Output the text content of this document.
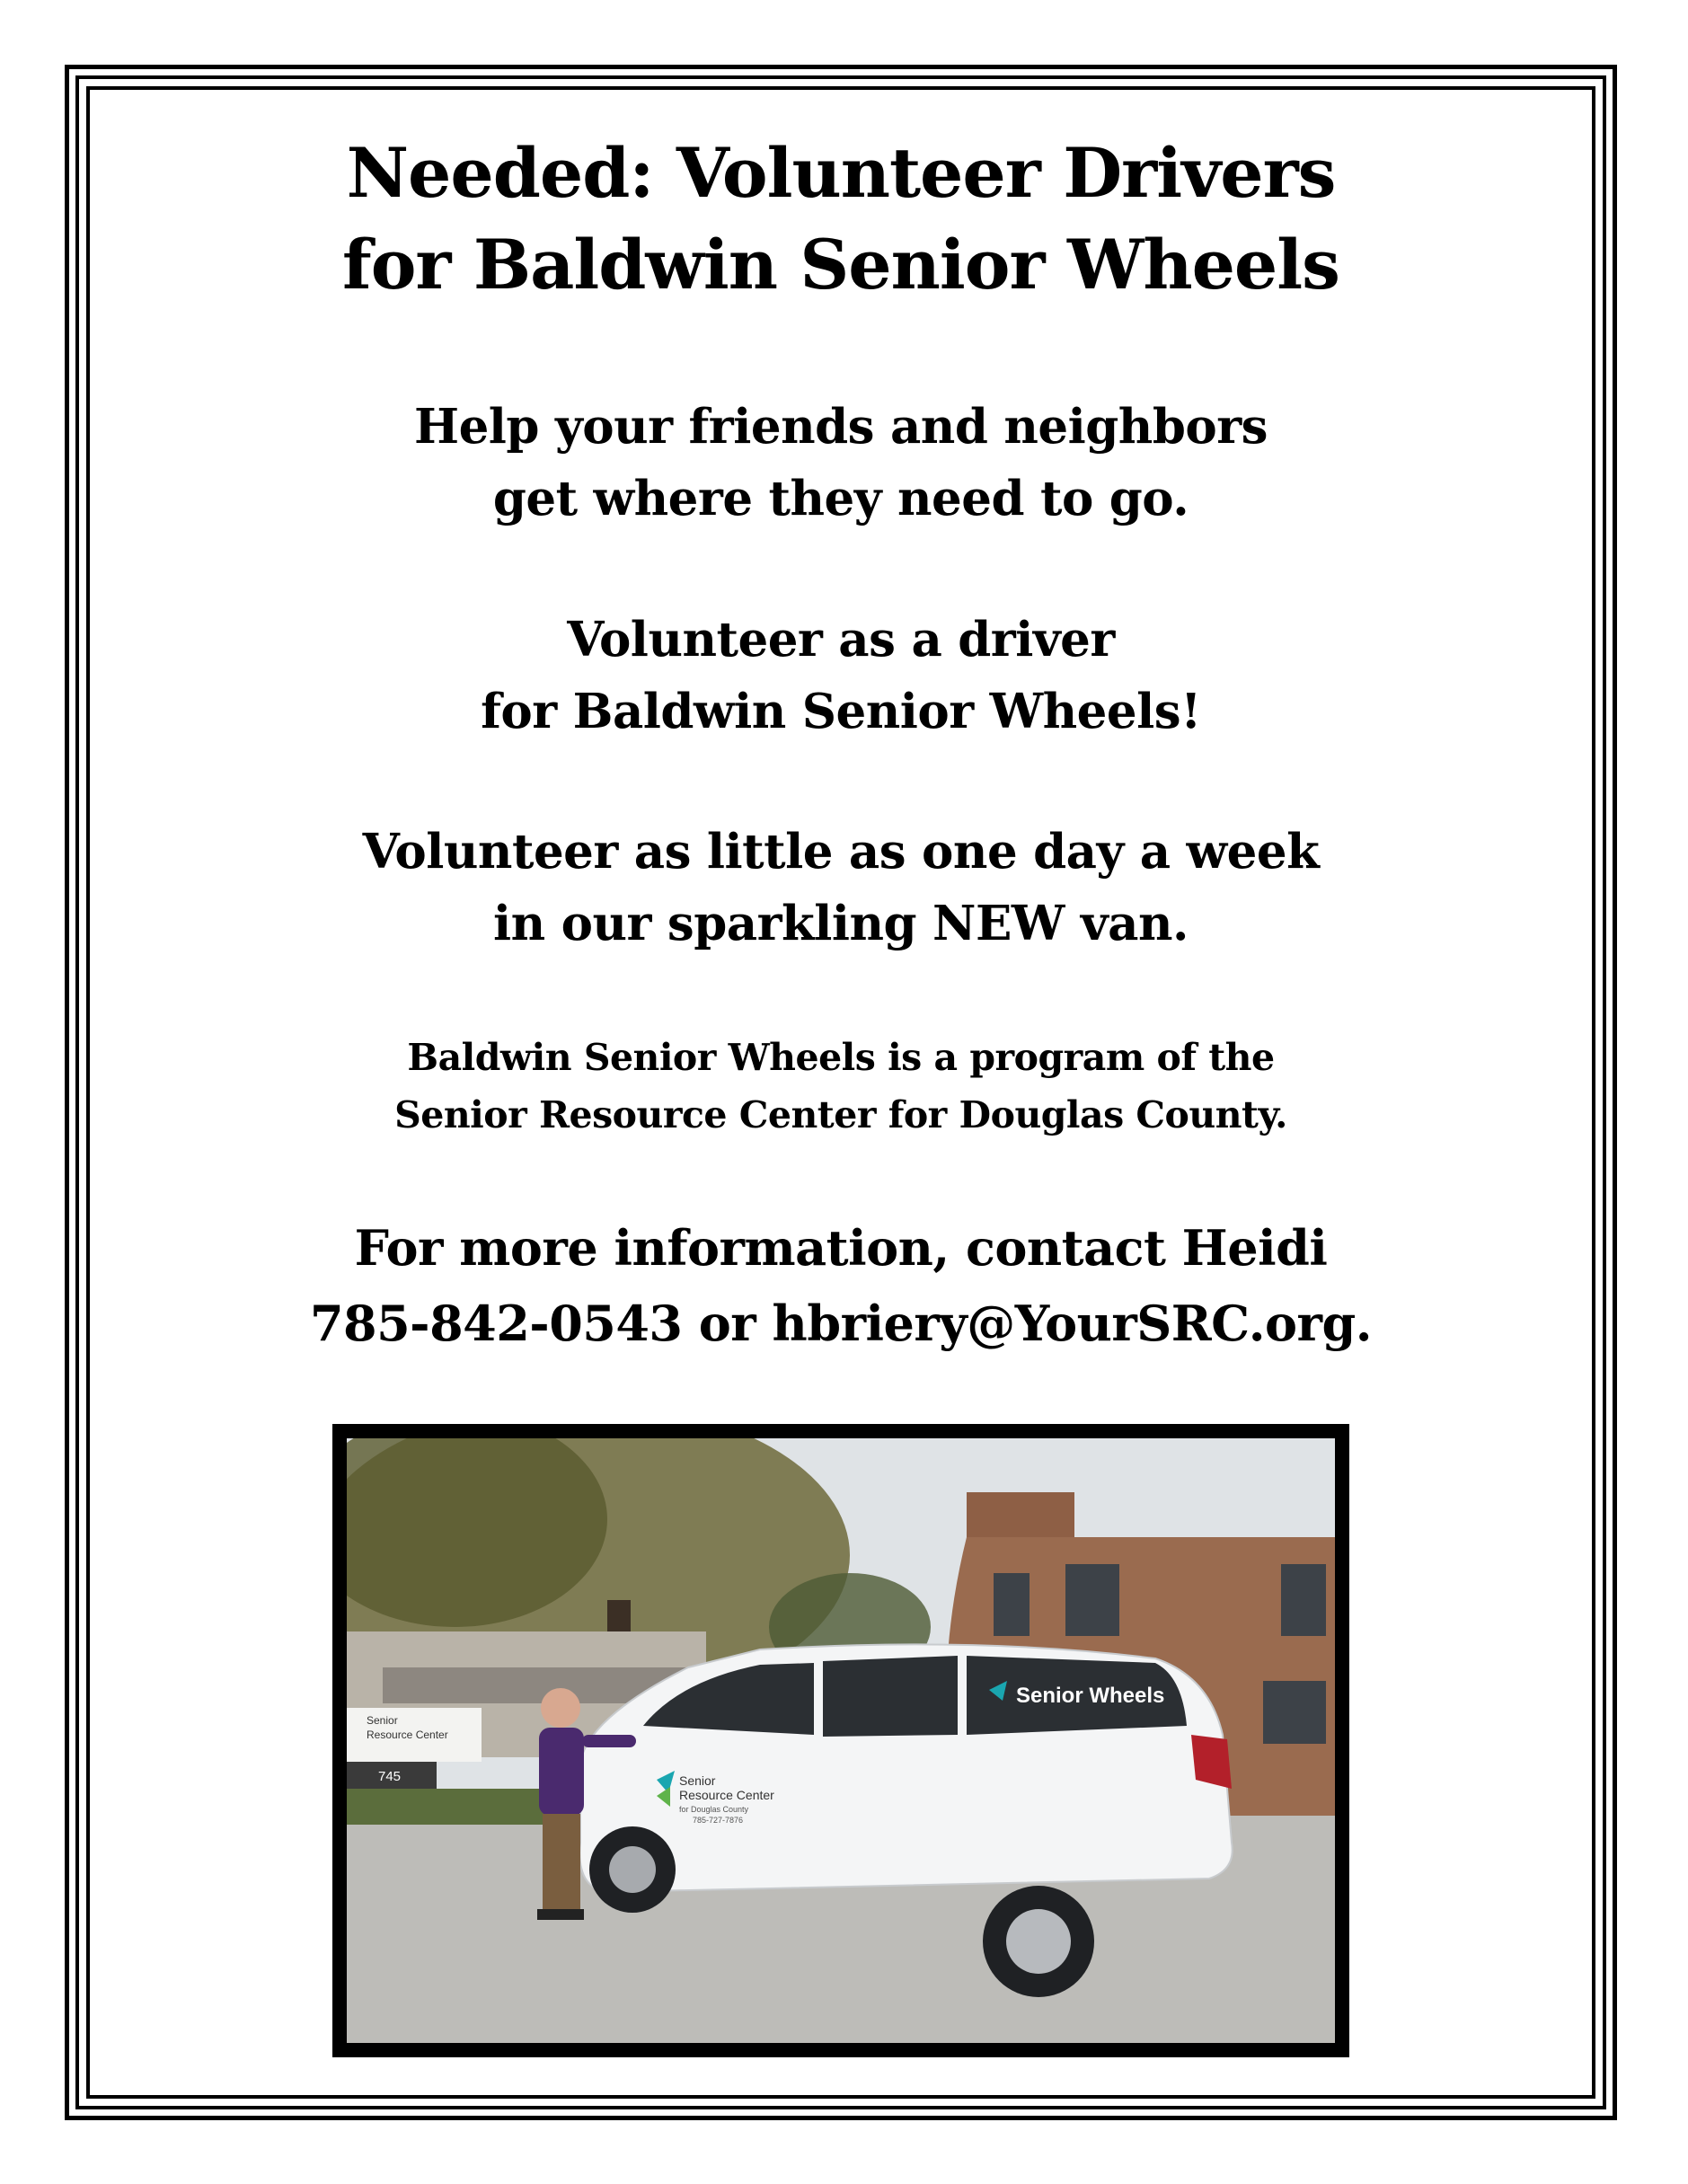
Needed: Volunteer Drivers
for Baldwin Senior Wheels

Help your friends and neighbors
get where they need to go.

Volunteer as a driver
for Baldwin Senior Wheels!

Volunteer as little as one day a week
in our sparkling NEW van.

Baldwin Senior Wheels is a program of the
Senior Resource Center for Douglas County.

For more information, contact Heidi
785-842-0543 or hbriery@YourSRC.org.

Senior
Resource Center
745
Senior Wheels
Senior
Resource Center
for Douglas County
785-727-7876
